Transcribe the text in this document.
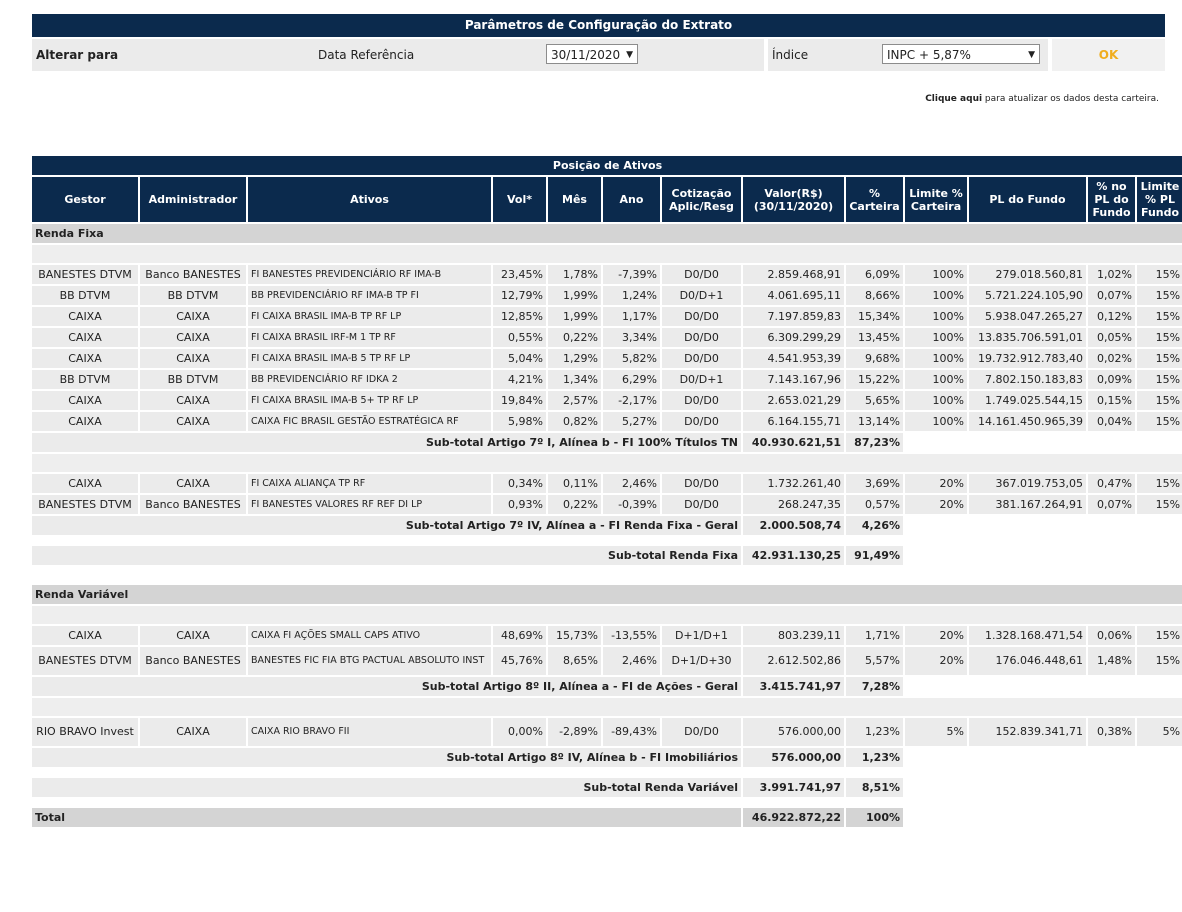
Parâmetros de Configuração do Extrato
Alterar para	Data Referência	30/11/2020 ▼	Índice	INPC + 5,87%	▼	OK
Clique aqui para atualizar os dados desta carteira.
Posição de Ativos												
Gestor	Administrador	Ativos	Vol*	Mês	Ano	Cotização Aplic/Resg	Valor(R$) (30/11/2020)	% Carteira	Limite % Carteira	PL do Fundo	% no PL do Fundo	Limite % PL Fundo
Renda Fixa												

BANESTES DTVM	Banco BANESTES	FI BANESTES PREVIDENCIÁRIO RF IMA-B	23,45%	1,78%	-7,39%	D0/D0	2.859.468,91	6,09%	100%	279.018.560,81	1,02%	15%
BB DTVM	BB DTVM	BB PREVIDENCIÁRIO RF IMA-B TP FI	12,79%	1,99%	1,24%	D0/D+1	4.061.695,11	8,66%	100%	5.721.224.105,90	0,07%	15%
CAIXA	CAIXA	FI CAIXA BRASIL IMA-B TP RF LP	12,85%	1,99%	1,17%	D0/D0	7.197.859,83	15,34%	100%	5.938.047.265,27	0,12%	15%
CAIXA	CAIXA	FI CAIXA BRASIL IRF-M 1 TP RF	0,55%	0,22%	3,34%	D0/D0	6.309.299,29	13,45%	100%	13.835.706.591,01	0,05%	15%
CAIXA	CAIXA	FI CAIXA BRASIL IMA-B 5 TP RF LP	5,04%	1,29%	5,82%	D0/D0	4.541.953,39	9,68%	100%	19.732.912.783,40	0,02%	15%
BB DTVM	BB DTVM	BB PREVIDENCIÁRIO RF IDKA 2	4,21%	1,34%	6,29%	D0/D+1	7.143.167,96	15,22%	100%	7.802.150.183,83	0,09%	15%
CAIXA	CAIXA	FI CAIXA BRASIL IMA-B 5+ TP RF LP	19,84%	2,57%	-2,17%	D0/D0	2.653.021,29	5,65%	100%	1.749.025.544,15	0,15%	15%
CAIXA	CAIXA	CAIXA FIC BRASIL GESTÃO ESTRATÉGICA RF	5,98%	0,82%	5,27%	D0/D0	6.164.155,71	13,14%	100%	14.161.450.965,39	0,04%	15%
Sub-total Artigo 7º I, Alínea b - FI 100% Títulos TN							40.930.621,51	87,23%				

CAIXA	CAIXA	FI CAIXA ALIANÇA TP RF	0,34%	0,11%	2,46%	D0/D0	1.732.261,40	3,69%	20%	367.019.753,05	0,47%	15%
BANESTES DTVM	Banco BANESTES	FI BANESTES VALORES RF REF DI LP	0,93%	0,22%	-0,39%	D0/D0	268.247,35	0,57%	20%	381.167.264,91	0,07%	15%
Sub-total Artigo 7º IV, Alínea a - FI Renda Fixa - Geral							2.000.508,74	4,26%				

Sub-total Renda Fixa							42.931.130,25	91,49%				

Renda Variável												

CAIXA	CAIXA	CAIXA FI AÇÕES SMALL CAPS ATIVO	48,69%	15,73%	-13,55%	D+1/D+1	803.239,11	1,71%	20%	1.328.168.471,54	0,06%	15%
BANESTES DTVM	Banco BANESTES	BANESTES FIC FIA BTG PACTUAL ABSOLUTO INST	45,76%	8,65%	2,46%	D+1/D+30	2.612.502,86	5,57%	20%	176.046.448,61	1,48%	15%
Sub-total Artigo 8º II, Alínea a - FI de Ações - Geral							3.415.741,97	7,28%				

RIO BRAVO Invest	CAIXA	CAIXA RIO BRAVO FII	0,00%	-2,89%	-89,43%	D0/D0	576.000,00	1,23%	5%	152.839.341,71	0,38%	5%
Sub-total Artigo 8º IV, Alínea b - FI Imobiliários							576.000,00	1,23%				

Sub-total Renda Variável							3.991.741,97	8,51%				

Total							46.922.872,22	100%				
